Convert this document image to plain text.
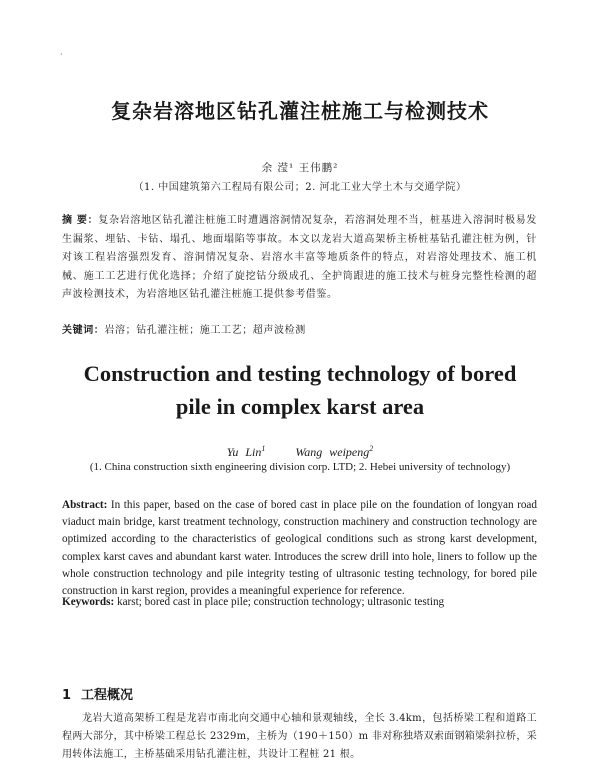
·
复杂岩溶地区钻孔灌注桩施工与检测技术
余 滢¹ 王伟鹏²
（1. 中国建筑第六工程局有限公司；2. 河北工业大学土木与交通学院）
摘 要：复杂岩溶地区钻孔灌注桩施工时遭遇溶洞情况复杂，若溶洞处理不当，桩基进入溶洞时极易发生漏浆、埋钻、卡钻、塌孔、地面塌陷等事故。本文以龙岩大道高架桥主桥桩基钻孔灌注桩为例，针对该工程岩溶强烈发育、溶洞情况复杂、岩溶水丰富等地质条件的特点，对岩溶处理技术、施工机械、施工工艺进行优化选择；介绍了旋挖钻分级成孔、全护筒跟进的施工技术与桩身完整性检测的超声波检测技术，为岩溶地区钻孔灌注桩施工提供参考借鉴。
关键词：岩溶；钻孔灌注桩；施工工艺；超声波检测
Construction and testing technology of bored
pile in complex karst area
Yu Lin$^1$	Wang weipeng$^2$
(1. China construction sixth engineering division corp. LTD; 2. Hebei university of technology)
Abstract: In this paper, based on the case of bored cast in place pile on the foundation of longyan road viaduct main bridge, karst treatment technology, construction machinery and construction technology are optimized according to the characteristics of geological conditions such as strong karst development, complex karst caves and abundant karst water. Introduces the screw drill into hole, liners to follow up the whole construction technology and pile integrity testing of ultrasonic testing technology, for bored pile construction in karst region, provides a meaningful experience for reference.
Keywords: karst; bored cast in place pile; construction technology; ultrasonic testing
1 工程概况
龙岩大道高架桥工程是龙岩市南北向交通中心轴和景观轴线，全长 3.4km，包括桥梁工程和道路工程两大部分，其中桥梁工程总长 2329m，主桥为（190＋150）m 非对称独塔双索面钢箱梁斜拉桥，采用转体法施工，主桥基础采用钻孔灌注桩，共设计工程桩 21 根。
